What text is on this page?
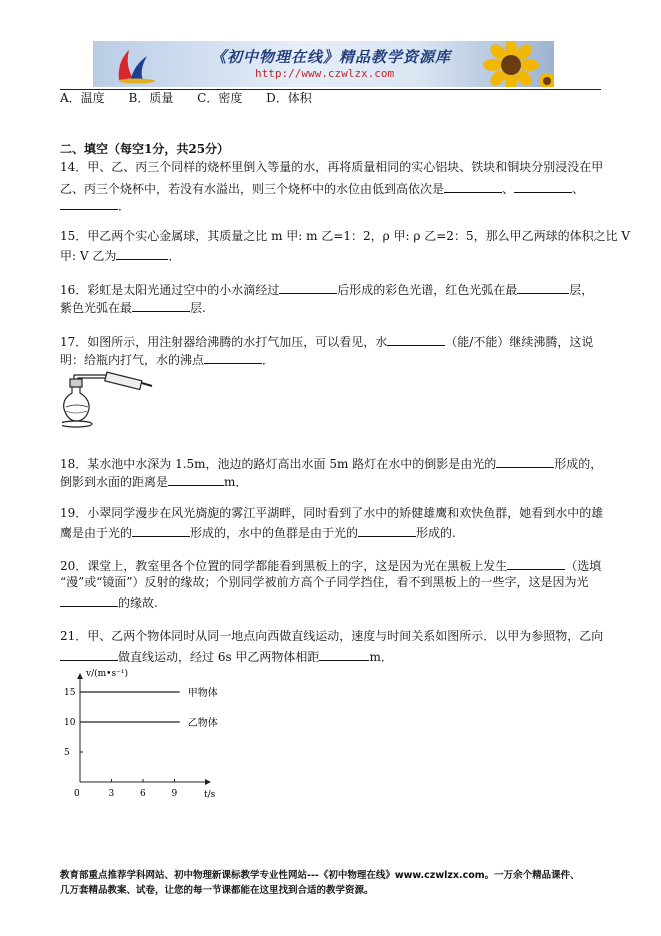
《初中物理在线》精品教学资源库
http://www.czwlzx.com
A．温度 B．质量 C．密度 D．体积
二、填空（每空1分，共25分）
14．甲、乙、丙三个同样的烧杯里倒入等量的水，再将质量相同的实心铝块、铁块和铜块分别浸没在甲
乙、丙三个烧杯中，若没有水溢出，则三个烧杯中的水位由低到高依次是	、	、
．
15．甲乙两个实心金属球，其质量之比 m 甲: m 乙=1：2，ρ 甲: ρ 乙=2：5，那么甲乙两球的体积之比 V
甲: V 乙为	．
16．彩虹是太阳光通过空中的小水滴经过	后形成的彩色光谱，红色光弧在最	层，
紫色光弧在最	层.
17．如图所示，用注射器给沸腾的水打气加压，可以看见，水	（能/不能）继续沸腾，这说
明：给瓶内打气，水的沸点	．
18．某水池中水深为 1.5m，池边的路灯高出水面 5m 路灯在水中的倒影是由光的	形成的，
倒影到水面的距离是	m．
19．小翠同学漫步在风光旖旎的雾江平湖畔，同时看到了水中的矫健雄鹰和欢快鱼群，她看到水中的雄
鹰是由于光的	形成的，水中的鱼群是由于光的	形成的.
20．课堂上，教室里各个位置的同学都能看到黑板上的字，这是因为光在黑板上发生	（选填
“漫”或“镜面”）反射的缘故；个别同学被前方高个子同学挡住，看不到黑板上的一些字，这是因为光
的缘故.
21．甲、乙两个物体同时从同一地点向西做直线运动，速度与时间关系如图所示．以甲为参照物，乙向
做直线运动，经过 6s 甲乙两物体相距	m．
v/(m•s⁻¹)
t/s
0	3	6	9
5
10
15	甲物体
乙物体
教育部重点推荐学科网站、初中物理新课标教学专业性网站---《初中物理在线》www.czwlzx.com。一万余个精品课件、
几万套精品教案、试卷，让您的每一节课都能在这里找到合适的教学资源。
